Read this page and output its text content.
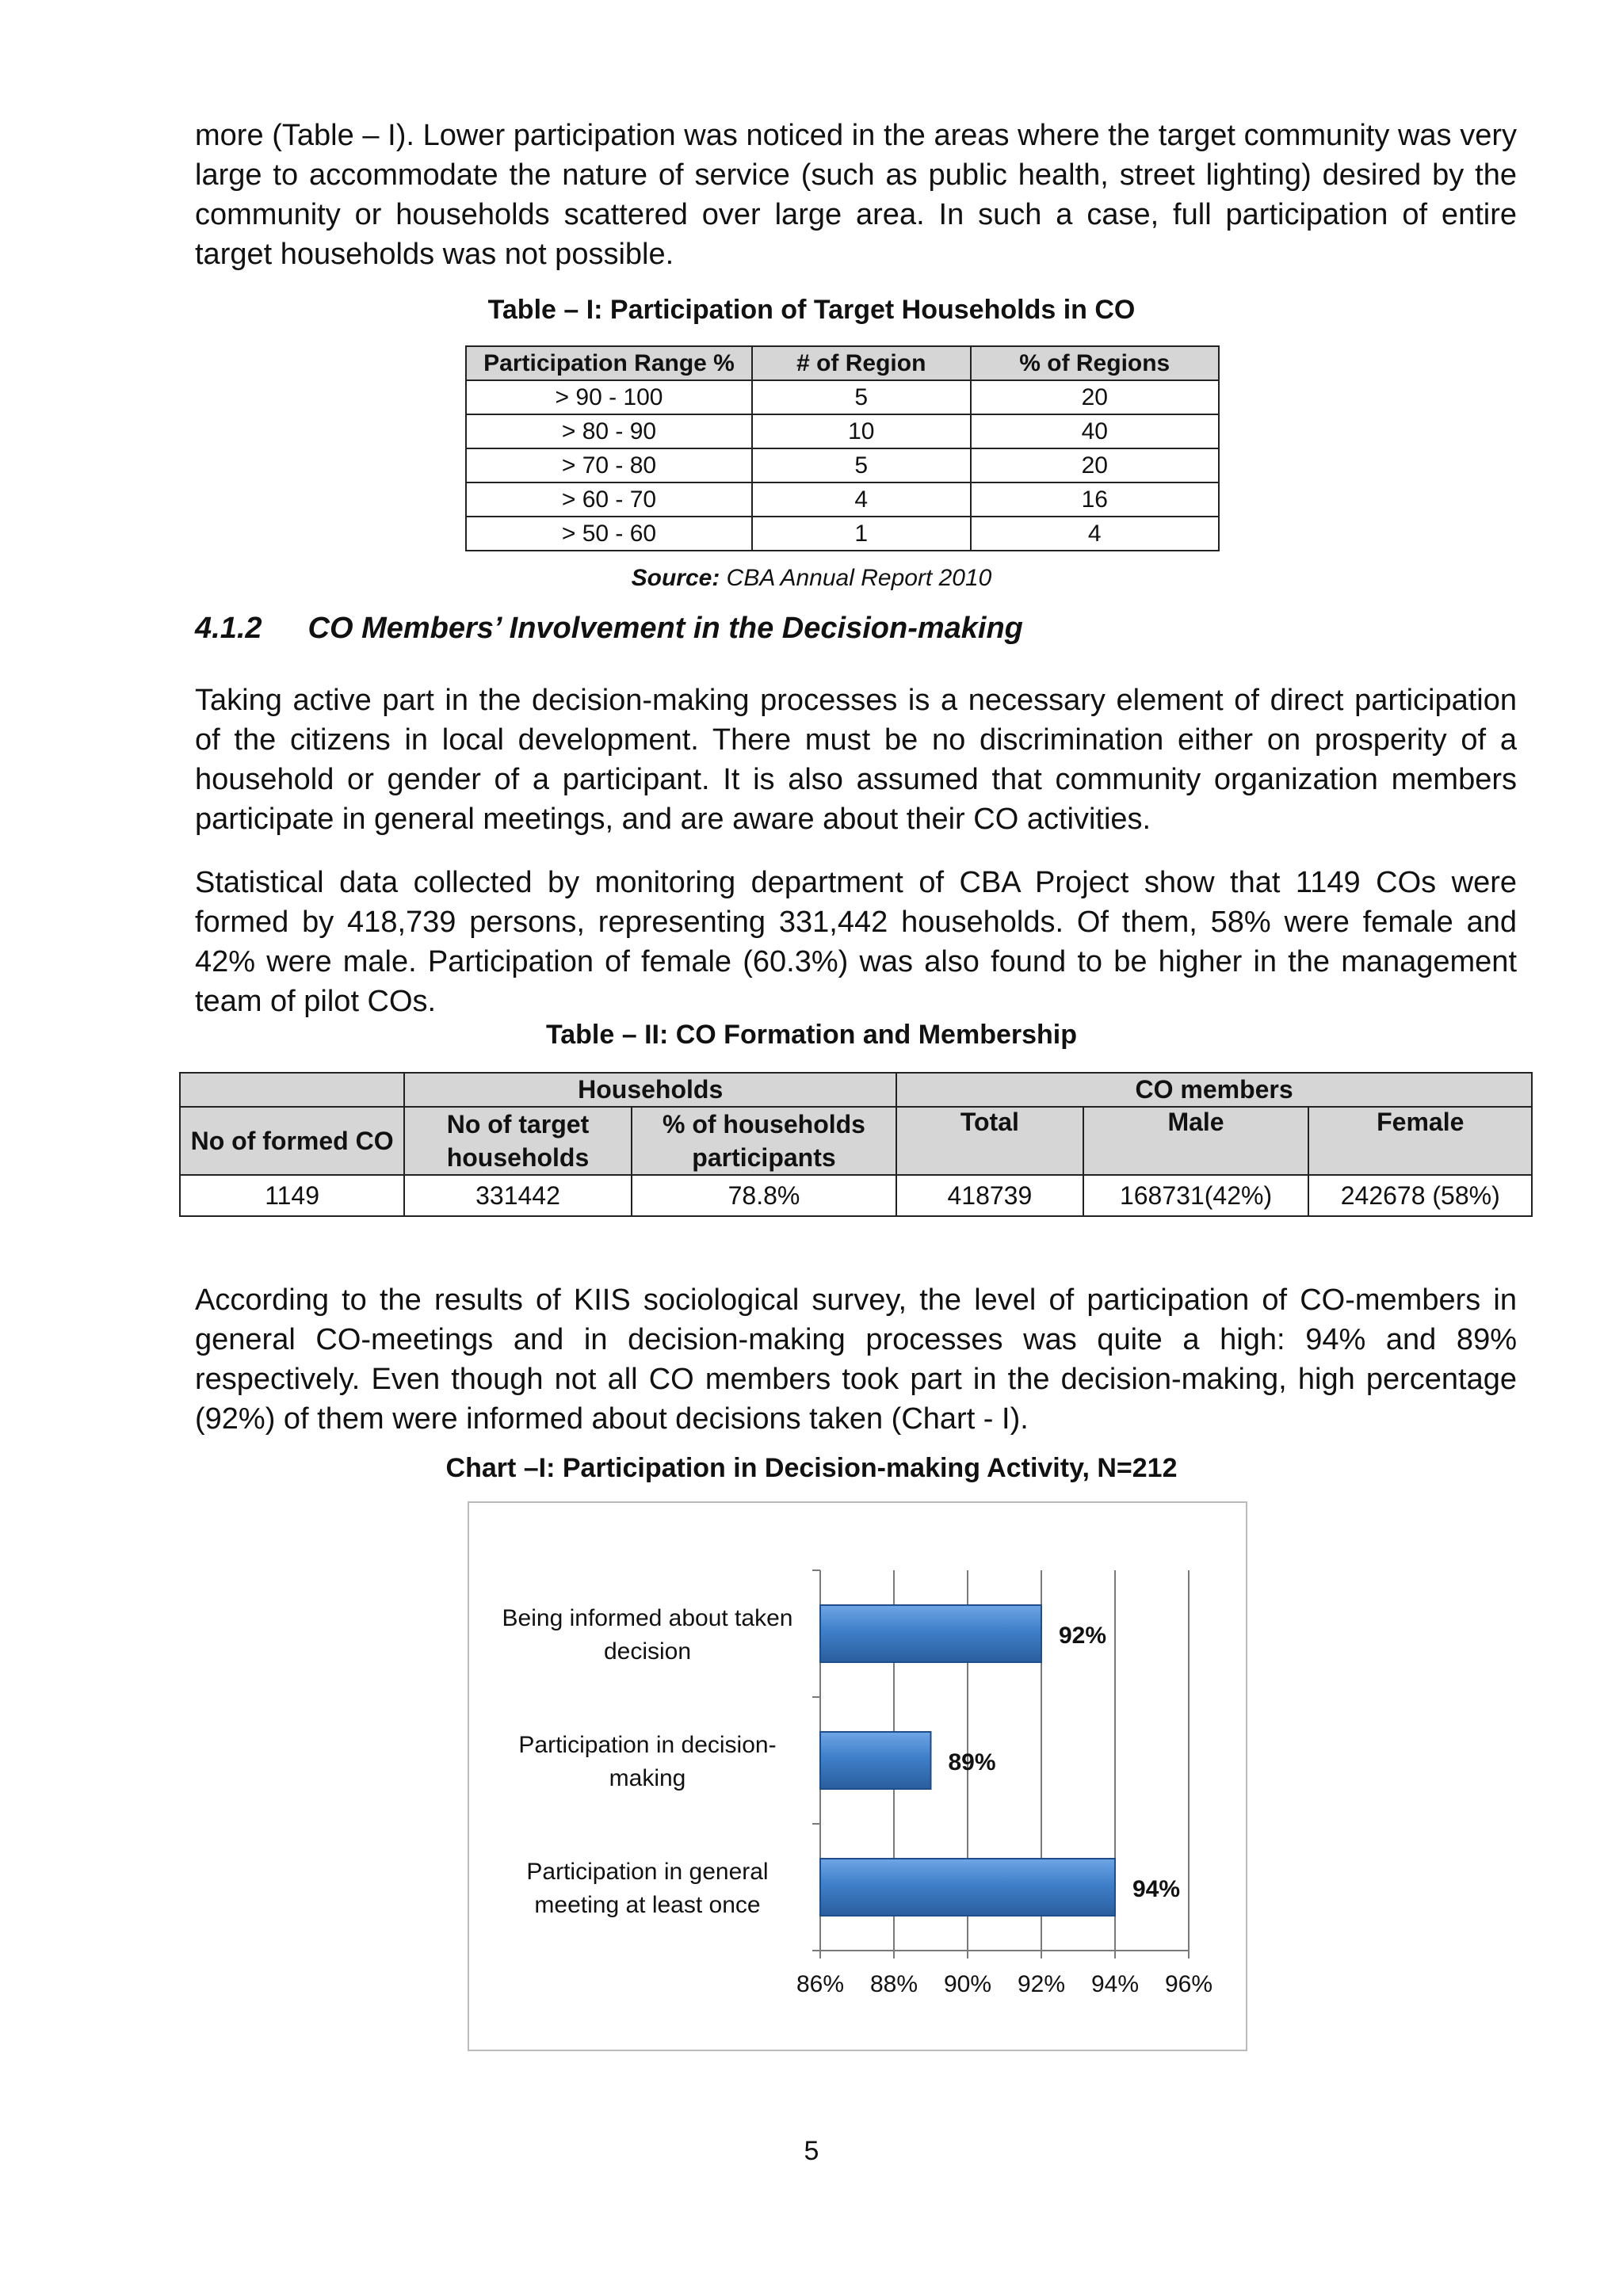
more (Table – I). Lower participation was noticed in the areas where the target community was very large to accommodate the nature of service (such as public health, street lighting) desired by the community or households scattered over large area. In such a case, full participation of entire target households was not possible.

Table – I: Participation of Target Households in CO
Participation Range %	# of Region	% of Regions
> 90 - 100	5	20
> 80 - 90	10	40
> 70 - 80	5	20
> 60 - 70	4	16
> 50 - 60	1	4
Source: CBA Annual Report 2010
4.1.2 CO Members’ Involvement in the Decision-making

Taking active part in the decision-making processes is a necessary element of direct participation of the citizens in local development. There must be no discrimination either on prosperity of a household or gender of a participant. It is also assumed that community organization members participate in general meetings, and are aware about their CO activities.

Statistical data collected by monitoring department of CBA Project show that 1149 COs were formed by 418,739 persons, representing 331,442 households. Of them, 58% were female and 42% were male. Participation of female (60.3%) was also found to be higher in the management team of pilot COs.

Table – II: CO Formation and Membership
	Households		CO members		
No of formed CO	No of target households	% of households participants	Total	Male	Female
1149	331442	78.8%	418739	168731(42%)	242678 (58%)

According to the results of KIIS sociological survey, the level of participation of CO-members in general CO-meetings and in decision-making processes was quite a high: 94% and 89% respectively. Even though not all CO members took part in the decision-making, high percentage (92%) of them were informed about decisions taken (Chart - I).

Chart –I: Participation in Decision-making Activity, N=212
86% 88% 90% 92% 94% 96%
92%
Being informed about taken decision
89%
Participation in decision-making
94%
Participation in general meeting at least once
5
